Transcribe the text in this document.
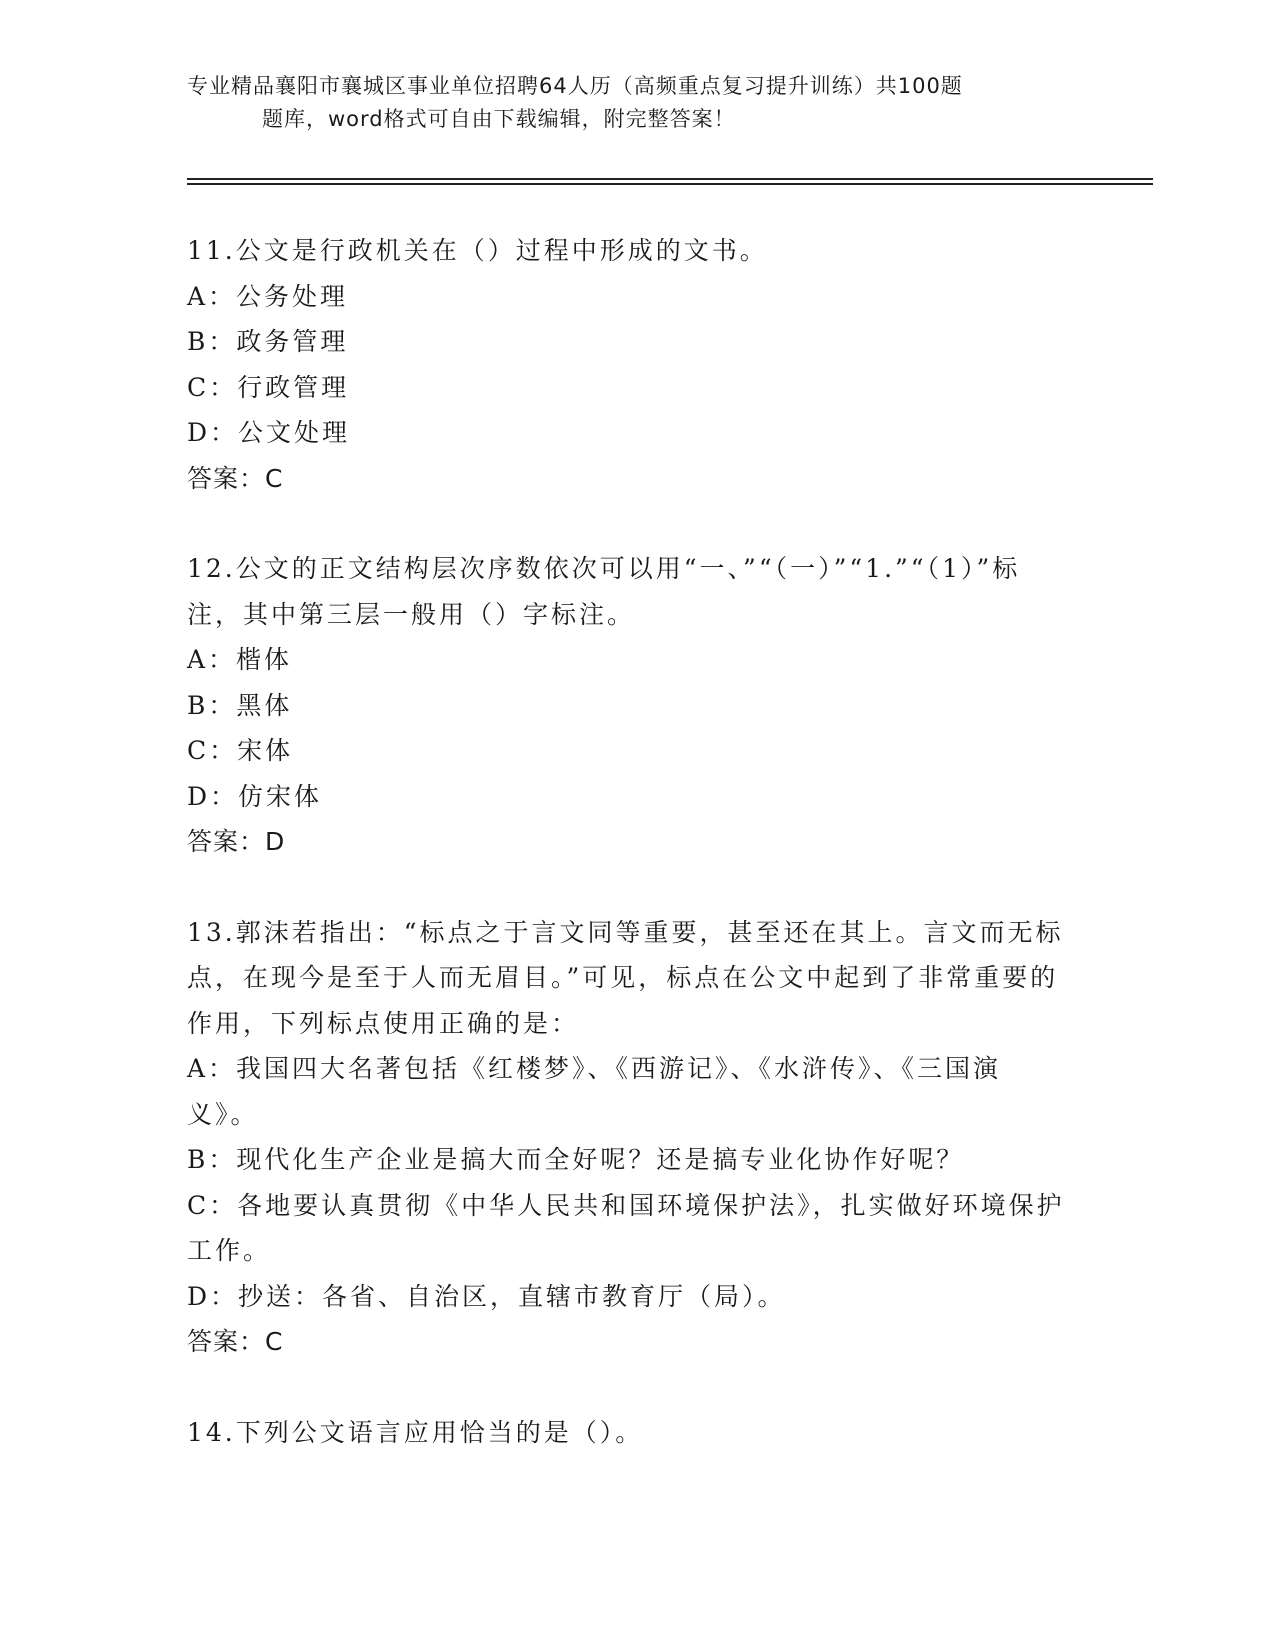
专业精品襄阳市襄城区事业单位招聘64人历（高频重点复习提升训练）共100题
题库，word格式可自由下载编辑，附完整答案！

11.公文是行政机关在（）过程中形成的文书。

A：公务处理

B：政务管理

C：行政管理

D：公文处理

答案：C

12.公文的正文结构层次序数依次可以用“一、”“（一）”“1.”“（1）”标注，其中第三层一般用（）字标注。

A：楷体

B：黑体

C：宋体

D：仿宋体

答案：D

13.郭沫若指出：“标点之于言文同等重要，甚至还在其上。言文而无标点，在现今是至于人而无眉目。”可见，标点在公文中起到了非常重要的作用，下列标点使用正确的是：

A：我国四大名著包括《红楼梦》、《西游记》、《水浒传》、《三国演义》。

B：现代化生产企业是搞大而全好呢？还是搞专业化协作好呢？

C：各地要认真贯彻《中华人民共和国环境保护法》，扎实做好环境保护工作。

D：抄送：各省、自治区，直辖市教育厅（局）。

答案：C

14.下列公文语言应用恰当的是（）。
